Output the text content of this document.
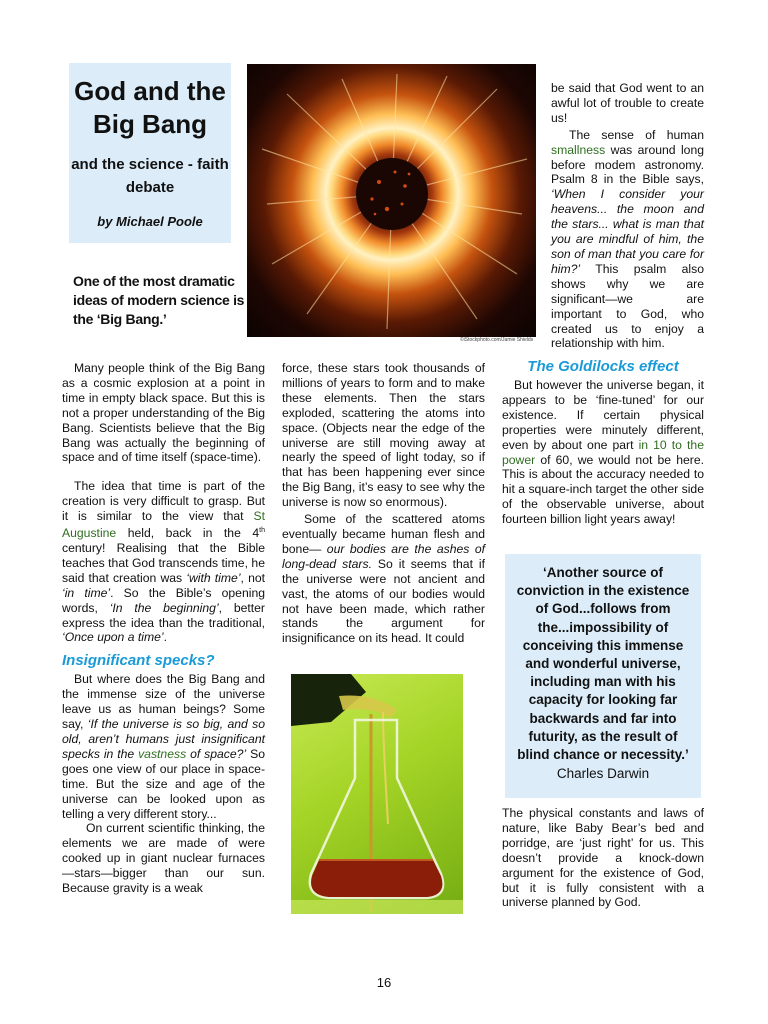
God and the Big Bang
and the science - faith debate
by Michael Poole

One of the most dramatic ideas of modern science is the ‘Big Bang.’

©iStockphoto.com/Jamie Shields

Many people think of the Big Bang as a cosmic explosion at a point in time in empty black space. But this is not a proper understanding of the Big Bang. Scientists believe that the Big Bang was actually the beginning of space and of time itself (space-time).

The idea that time is part of the creation is very difficult to grasp. But it is similar to the view that St Augustine held, back in the 4th century! Realising that the Bible teaches that God transcends time, he said that creation was ‘with time’, not ‘in time’. So the Bible’s opening words, ‘In the beginning’, better express the idea than the traditional, ‘Once upon a time’.

Insignificant specks?

But where does the Big Bang and the immense size of the universe leave us as human beings? Some say, ‘If the universe is so big, and so old, aren’t humans just insignificant specks in the vastness of space?’ So goes one view of our place in space-time. But the size and age of the universe can be looked upon as telling a very different story...

On current scientific thinking, the elements we are made of were cooked up in giant nuclear furnaces—stars—bigger than our sun. Because gravity is a weak

force, these stars took thousands of millions of years to form and to make these elements. Then the stars exploded, scattering the atoms into space. (Objects near the edge of the universe are still moving away at nearly the speed of light today, so if that has been happening ever since the Big Bang, it’s easy to see why the universe is now so enormous).

Some of the scattered atoms eventually became human flesh and bone— our bodies are the ashes of long-dead stars. So it seems that if the universe were not ancient and vast, the atoms of our bodies would not have been made, which rather stands the argument for insignificance on its head. It could

be said that God went to an awful lot of trouble to create us!

The sense of human smallness was around long before modem astronomy. Psalm 8 in the Bible says, ‘When I consider your heavens... the moon and the stars... what is man that you are mindful of him, the son of man that you care for him?’ This psalm also shows why we are significant—we are important to God, who created us to enjoy a relationship with him.

The Goldilocks effect

But however the universe began, it appears to be ‘fine-tuned’ for our existence. If certain physical properties were minutely different, even by about one part in 10 to the power of 60, we would not be here. This is about the accuracy needed to hit a square-inch target the other side of the observable universe, about fourteen billion light years away!

‘Another source of conviction in the existence of God...follows from the...impossibility of conceiving this immense and wonderful universe, including man with his capacity for looking far backwards and far into futurity, as the result of blind chance or necessity.’

Charles Darwin

The physical constants and laws of nature, like Baby Bear’s bed and porridge, are ‘just right’ for us. This doesn’t provide a knock-down argument for the existence of God, but it is fully consistent with a universe planned by God.

16
